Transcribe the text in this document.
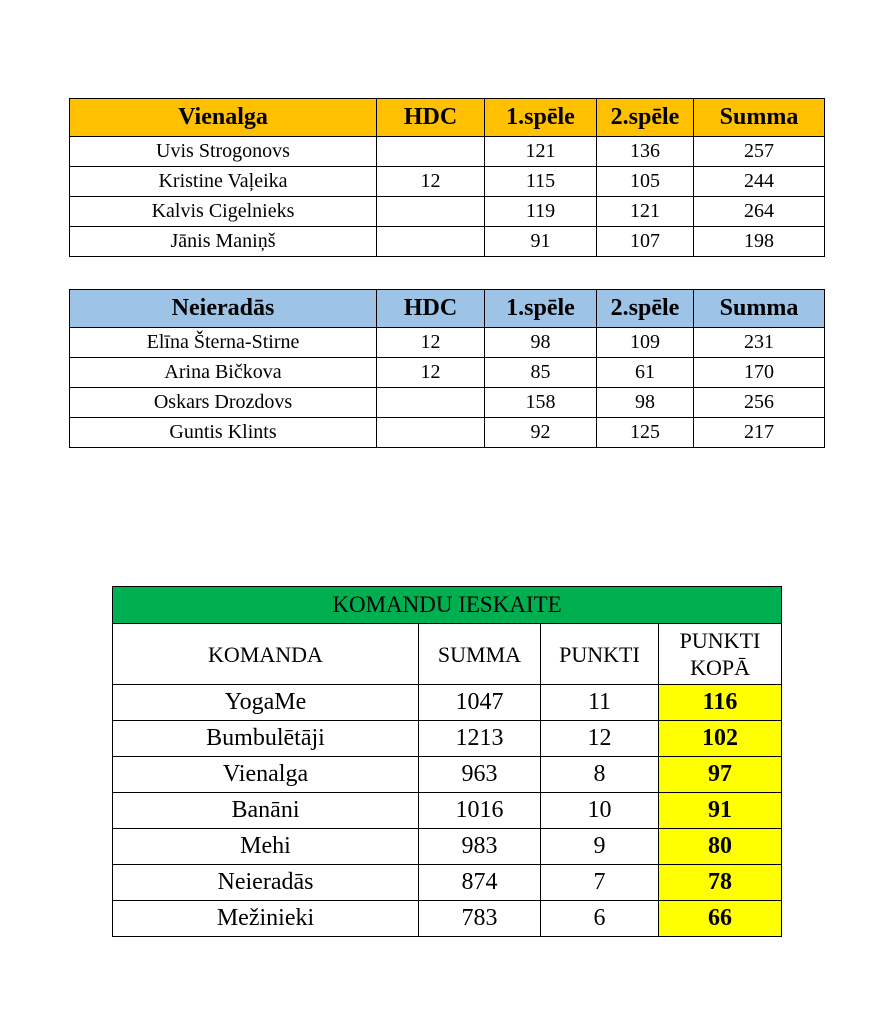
Vienalga	HDC	1.spēle	2.spēle	Summa
Uvis Strogonovs		121	136	257
Kristine Vaļeika	12	115	105	244
Kalvis Cigelnieks		119	121	264
Jānis Maniņš		91	107	198
Neieradās	HDC	1.spēle	2.spēle	Summa
Elīna Šterna-Stirne	12	98	109	231
Arina Bičkova	12	85	61	170
Oskars Drozdovs		158	98	256
Guntis Klints		92	125	217
KOMANDU IESKAITE			
KOMANDA	SUMMA	PUNKTI	PUNKTI KOPĀ
YogaMe	1047	11	116
Bumbulētāji	1213	12	102
Vienalga	963	8	97
Banāni	1016	10	91
Mehi	983	9	80
Neieradās	874	7	78
Mežinieki	783	6	66
